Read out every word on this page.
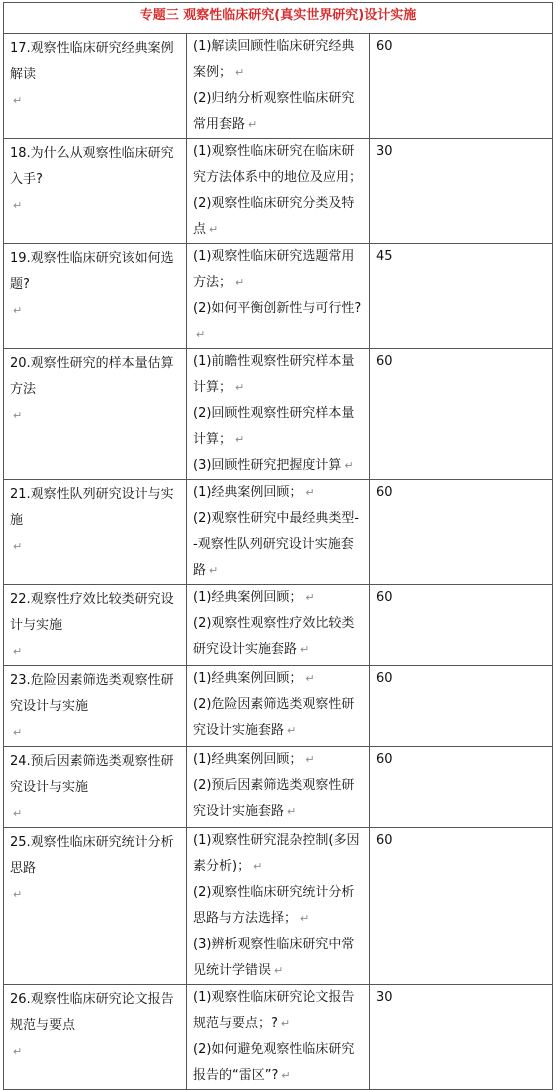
专题三 观察性临床研究(真实世界研究)设计实施		

17.观察性临床研究经典案例解读
↵	(1)解读回顾性临床研究经典案例； ↵
(2)归纳分析观察性临床研究常用套路 ↵	60

18.为什么从观察性临床研究入手?
↵	(1)观察性临床研究在临床研究方法体系中的地位及应用；(2)观察性临床研究分类及特点 ↵	30

19.观察性临床研究该如何选题?
↵	(1)观察性临床研究选题常用方法； ↵
(2)如何平衡创新性与可行性?↵	45

20.观察性研究的样本量估算方法
↵	(1)前瞻性观察性研究样本量计算； ↵
(2)回顾性观察性研究样本量计算； ↵
(3)回顾性研究把握度计算 ↵	60

21.观察性队列研究设计与实施
↵	(1)经典案例回顾； ↵
(2)观察性研究中最经典类型--观察性队列研究设计实施套路 ↵	60

22.观察性疗效比较类研究设计与实施
↵	(1)经典案例回顾； ↵
(2)观察性观察性疗效比较类研究设计实施套路 ↵	60

23.危险因素筛选类观察性研究设计与实施
↵	(1)经典案例回顾； ↵
(2)危险因素筛选类观察性研究设计实施套路 ↵	60

24.预后因素筛选类观察性研究设计与实施
↵	(1)经典案例回顾； ↵
(2)预后因素筛选类观察性研究设计实施套路 ↵	60

25.观察性临床研究统计分析思路
↵	(1)观察性研究混杂控制(多因素分析)； ↵
(2)观察性临床研究统计分析思路与方法选择； ↵
(3)辨析观察性临床研究中常见统计学错误 ↵	60

26.观察性临床研究论文报告规范与要点
↵	(1)观察性临床研究论文报告规范与要点；? ↵
(2)如何避免观察性临床研究报告的“雷区”? ↵	30
